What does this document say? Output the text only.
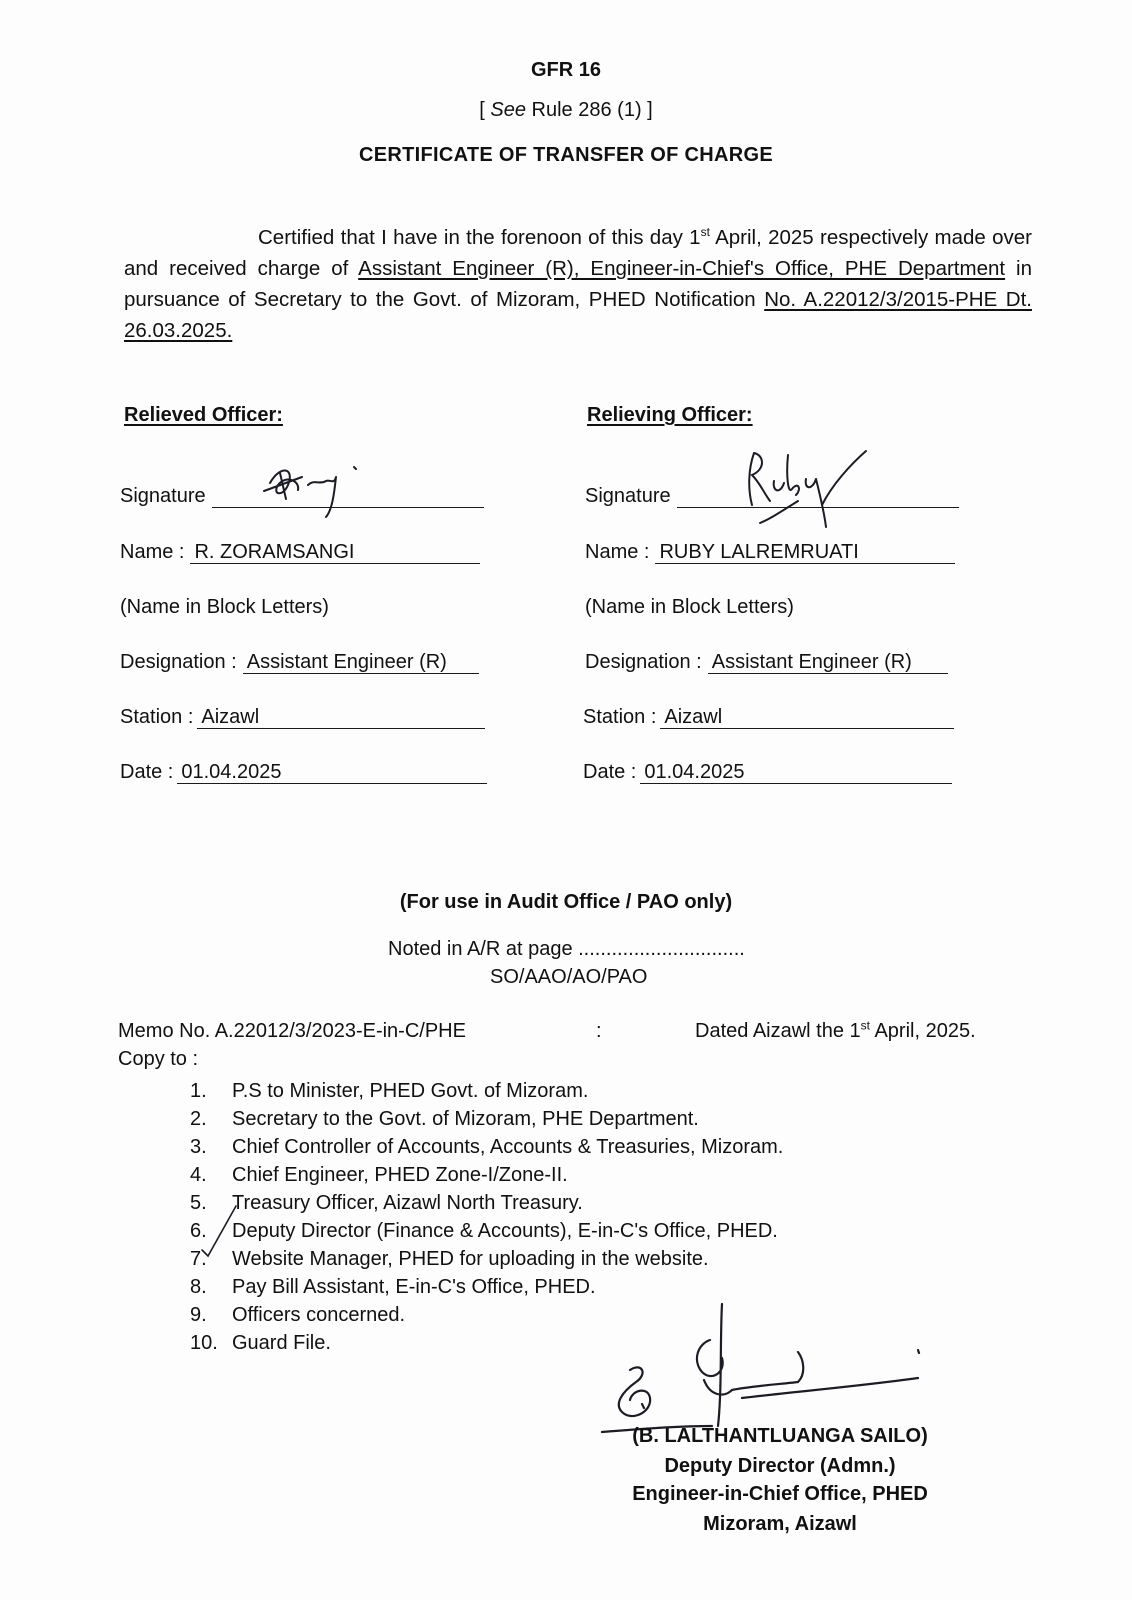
GFR 16
[ See Rule 286 (1) ]
CERTIFICATE OF TRANSFER OF CHARGE
Certified that I have in the forenoon of this day 1st April, 2025 respectively made over and received charge of Assistant Engineer (R), Engineer-in-Chief's Office, PHE Department in pursuance of Secretary to the Govt. of Mizoram, PHED Notification No. A.22012/3/2015-PHE Dt. 26.03.2025.
Relieved Officer:
Signature
Name : R. ZORAMSANGI
(Name in Block Letters)
Designation : Assistant Engineer (R)
Station : Aizawl
Date : 01.04.2025
Relieving Officer:
Signature
Name : RUBY LALREMRUATI
(Name in Block Letters)
Designation : Assistant Engineer (R)
Station : Aizawl
Date : 01.04.2025
(For use in Audit Office / PAO only)
Noted in A/R at page ..............................
SO/AAO/AO/PAO
Memo No. A.22012/3/2023-E-in-C/PHE	:	Dated Aizawl the 1st April, 2025.
Copy to :
1.	P.S to Minister, PHED Govt. of Mizoram.
2.	Secretary to the Govt. of Mizoram, PHE Department.
3.	Chief Controller of Accounts, Accounts & Treasuries, Mizoram.
4.	Chief Engineer, PHED Zone-I/Zone-II.
5.	Treasury Officer, Aizawl North Treasury.
6.	Deputy Director (Finance & Accounts), E-in-C's Office, PHED.
7.	Website Manager, PHED for uploading in the website.
8.	Pay Bill Assistant, E-in-C's Office, PHED.
9.	Officers concerned.
10. Guard File.
(B. LALTHANTLUANGA SAILO)
Deputy Director (Admn.)
Engineer-in-Chief Office, PHED
Mizoram, Aizawl
